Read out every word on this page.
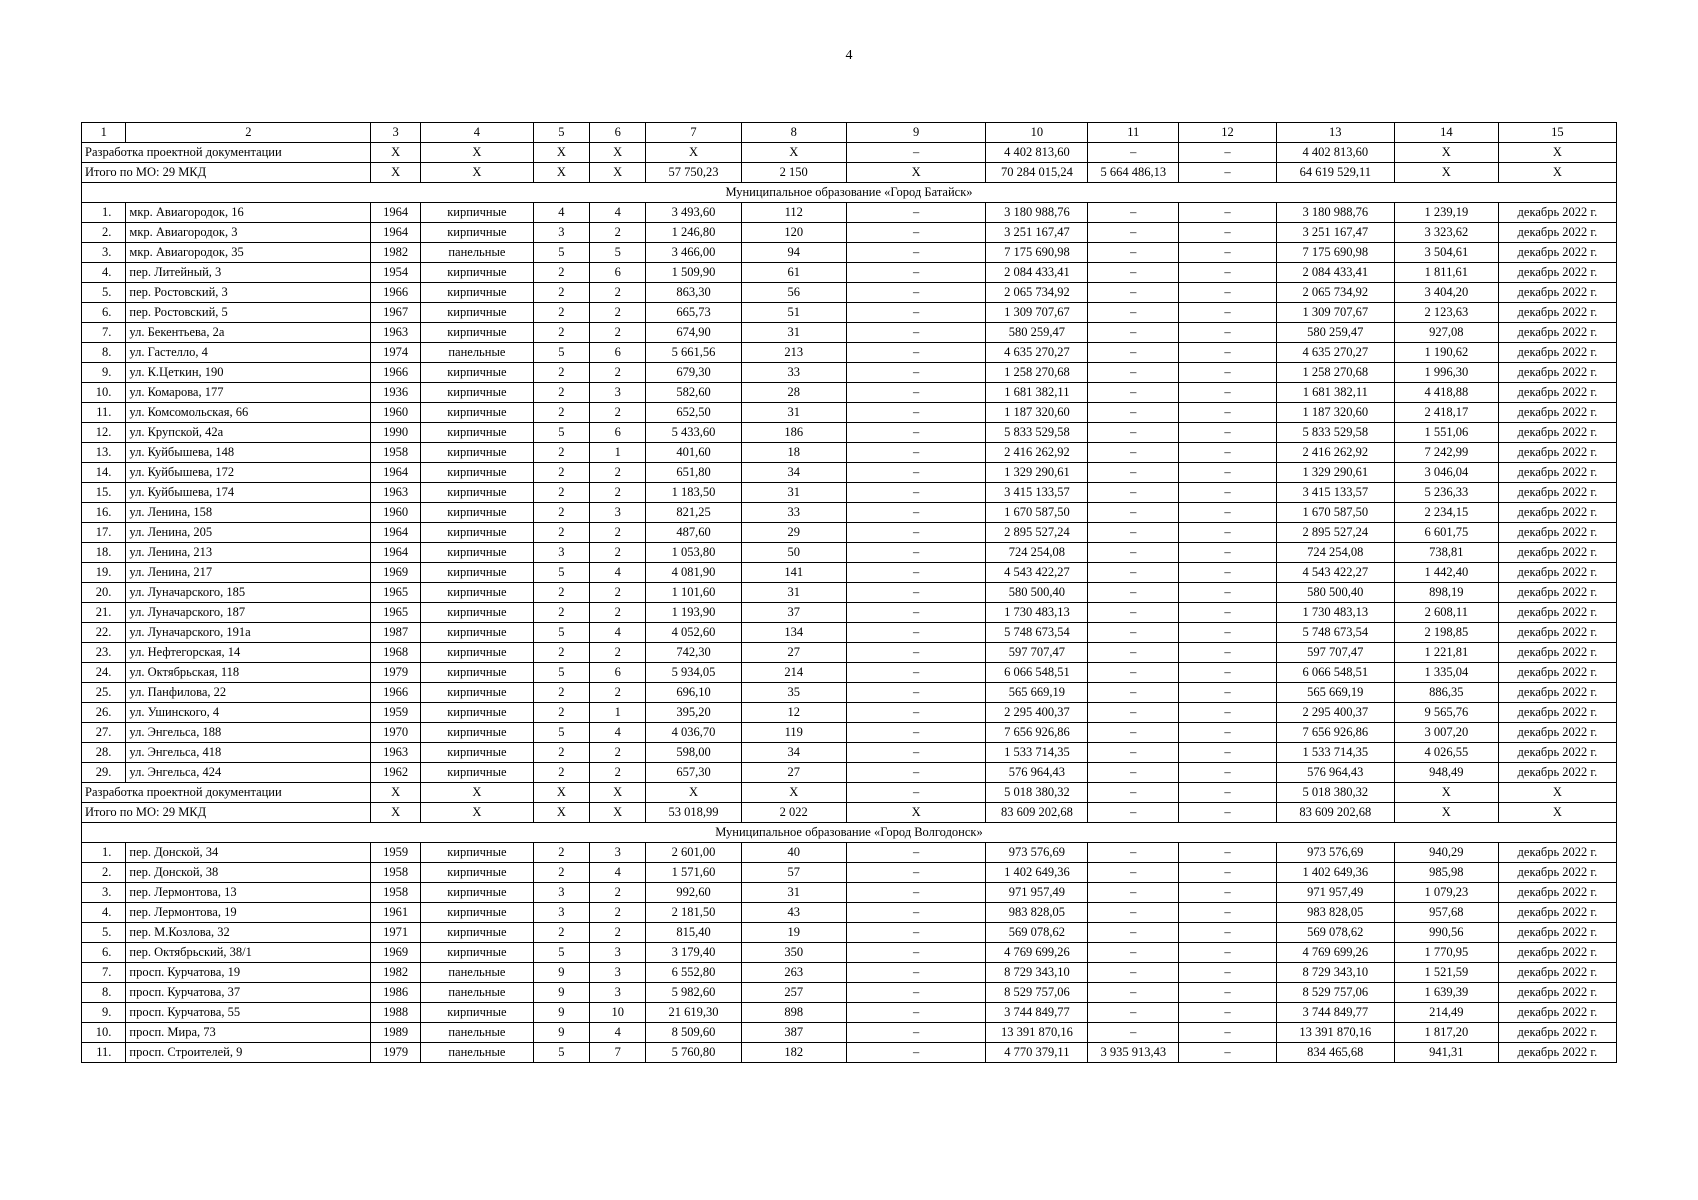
4
1	2	3	4	5	6	7	8	9	10	11	12	13	14	15
Разработка проектной документации		X	X	X	X	X	X	–	4 402 813,60	–	–	4 402 813,60	X	X
Итого по МО: 29 МКД		X	X	X	X	57 750,23	2 150	X	70 284 015,24	5 664 486,13	–	64 619 529,11	X	X
Муниципальное образование «Город Батайск»														
1.	мкр. Авиагородок, 16	1964	кирпичные	4	4	3 493,60	112	–	3 180 988,76	–	–	3 180 988,76	1 239,19	декабрь 2022 г.
2.	мкр. Авиагородок, 3	1964	кирпичные	3	2	1 246,80	120	–	3 251 167,47	–	–	3 251 167,47	3 323,62	декабрь 2022 г.
3.	мкр. Авиагородок, 35	1982	панельные	5	5	3 466,00	94	–	7 175 690,98	–	–	7 175 690,98	3 504,61	декабрь 2022 г.
4.	пер. Литейный, 3	1954	кирпичные	2	6	1 509,90	61	–	2 084 433,41	–	–	2 084 433,41	1 811,61	декабрь 2022 г.
5.	пер. Ростовский, 3	1966	кирпичные	2	2	863,30	56	–	2 065 734,92	–	–	2 065 734,92	3 404,20	декабрь 2022 г.
6.	пер. Ростовский, 5	1967	кирпичные	2	2	665,73	51	–	1 309 707,67	–	–	1 309 707,67	2 123,63	декабрь 2022 г.
7.	ул. Бекентьева, 2а	1963	кирпичные	2	2	674,90	31	–	580 259,47	–	–	580 259,47	927,08	декабрь 2022 г.
8.	ул. Гастелло, 4	1974	панельные	5	6	5 661,56	213	–	4 635 270,27	–	–	4 635 270,27	1 190,62	декабрь 2022 г.
9.	ул. К.Цеткин, 190	1966	кирпичные	2	2	679,30	33	–	1 258 270,68	–	–	1 258 270,68	1 996,30	декабрь 2022 г.
10.	ул. Комарова, 177	1936	кирпичные	2	3	582,60	28	–	1 681 382,11	–	–	1 681 382,11	4 418,88	декабрь 2022 г.
11.	ул. Комсомольская, 66	1960	кирпичные	2	2	652,50	31	–	1 187 320,60	–	–	1 187 320,60	2 418,17	декабрь 2022 г.
12.	ул. Крупской, 42а	1990	кирпичные	5	6	5 433,60	186	–	5 833 529,58	–	–	5 833 529,58	1 551,06	декабрь 2022 г.
13.	ул. Куйбышева, 148	1958	кирпичные	2	1	401,60	18	–	2 416 262,92	–	–	2 416 262,92	7 242,99	декабрь 2022 г.
14.	ул. Куйбышева, 172	1964	кирпичные	2	2	651,80	34	–	1 329 290,61	–	–	1 329 290,61	3 046,04	декабрь 2022 г.
15.	ул. Куйбышева, 174	1963	кирпичные	2	2	1 183,50	31	–	3 415 133,57	–	–	3 415 133,57	5 236,33	декабрь 2022 г.
16.	ул. Ленина, 158	1960	кирпичные	2	3	821,25	33	–	1 670 587,50	–	–	1 670 587,50	2 234,15	декабрь 2022 г.
17.	ул. Ленина, 205	1964	кирпичные	2	2	487,60	29	–	2 895 527,24	–	–	2 895 527,24	6 601,75	декабрь 2022 г.
18.	ул. Ленина, 213	1964	кирпичные	3	2	1 053,80	50	–	724 254,08	–	–	724 254,08	738,81	декабрь 2022 г.
19.	ул. Ленина, 217	1969	кирпичные	5	4	4 081,90	141	–	4 543 422,27	–	–	4 543 422,27	1 442,40	декабрь 2022 г.
20.	ул. Луначарского, 185	1965	кирпичные	2	2	1 101,60	31	–	580 500,40	–	–	580 500,40	898,19	декабрь 2022 г.
21.	ул. Луначарского, 187	1965	кирпичные	2	2	1 193,90	37	–	1 730 483,13	–	–	1 730 483,13	2 608,11	декабрь 2022 г.
22.	ул. Луначарского, 191а	1987	кирпичные	5	4	4 052,60	134	–	5 748 673,54	–	–	5 748 673,54	2 198,85	декабрь 2022 г.
23.	ул. Нефтегорская, 14	1968	кирпичные	2	2	742,30	27	–	597 707,47	–	–	597 707,47	1 221,81	декабрь 2022 г.
24.	ул. Октябрьская, 118	1979	кирпичные	5	6	5 934,05	214	–	6 066 548,51	–	–	6 066 548,51	1 335,04	декабрь 2022 г.
25.	ул. Панфилова, 22	1966	кирпичные	2	2	696,10	35	–	565 669,19	–	–	565 669,19	886,35	декабрь 2022 г.
26.	ул. Ушинского, 4	1959	кирпичные	2	1	395,20	12	–	2 295 400,37	–	–	2 295 400,37	9 565,76	декабрь 2022 г.
27.	ул. Энгельса, 188	1970	кирпичные	5	4	4 036,70	119	–	7 656 926,86	–	–	7 656 926,86	3 007,20	декабрь 2022 г.
28.	ул. Энгельса, 418	1963	кирпичные	2	2	598,00	34	–	1 533 714,35	–	–	1 533 714,35	4 026,55	декабрь 2022 г.
29.	ул. Энгельса, 424	1962	кирпичные	2	2	657,30	27	–	576 964,43	–	–	576 964,43	948,49	декабрь 2022 г.
Разработка проектной документации		X	X	X	X	X	X	–	5 018 380,32	–	–	5 018 380,32	X	X
Итого по МО: 29 МКД		X	X	X	X	53 018,99	2 022	X	83 609 202,68	–	–	83 609 202,68	X	X
Муниципальное образование «Город Волгодонск»														
1.	пер. Донской, 34	1959	кирпичные	2	3	2 601,00	40	–	973 576,69	–	–	973 576,69	940,29	декабрь 2022 г.
2.	пер. Донской, 38	1958	кирпичные	2	4	1 571,60	57	–	1 402 649,36	–	–	1 402 649,36	985,98	декабрь 2022 г.
3.	пер. Лермонтова, 13	1958	кирпичные	3	2	992,60	31	–	971 957,49	–	–	971 957,49	1 079,23	декабрь 2022 г.
4.	пер. Лермонтова, 19	1961	кирпичные	3	2	2 181,50	43	–	983 828,05	–	–	983 828,05	957,68	декабрь 2022 г.
5.	пер. М.Козлова, 32	1971	кирпичные	2	2	815,40	19	–	569 078,62	–	–	569 078,62	990,56	декабрь 2022 г.
6.	пер. Октябрьский, 38/1	1969	кирпичные	5	3	3 179,40	350	–	4 769 699,26	–	–	4 769 699,26	1 770,95	декабрь 2022 г.
7.	просп. Курчатова, 19	1982	панельные	9	3	6 552,80	263	–	8 729 343,10	–	–	8 729 343,10	1 521,59	декабрь 2022 г.
8.	просп. Курчатова, 37	1986	панельные	9	3	5 982,60	257	–	8 529 757,06	–	–	8 529 757,06	1 639,39	декабрь 2022 г.
9.	просп. Курчатова, 55	1988	кирпичные	9	10	21 619,30	898	–	3 744 849,77	–	–	3 744 849,77	214,49	декабрь 2022 г.
10.	просп. Мира, 73	1989	панельные	9	4	8 509,60	387	–	13 391 870,16	–	–	13 391 870,16	1 817,20	декабрь 2022 г.
11.	просп. Строителей, 9	1979	панельные	5	7	5 760,80	182	–	4 770 379,11	3 935 913,43	–	834 465,68	941,31	декабрь 2022 г.
